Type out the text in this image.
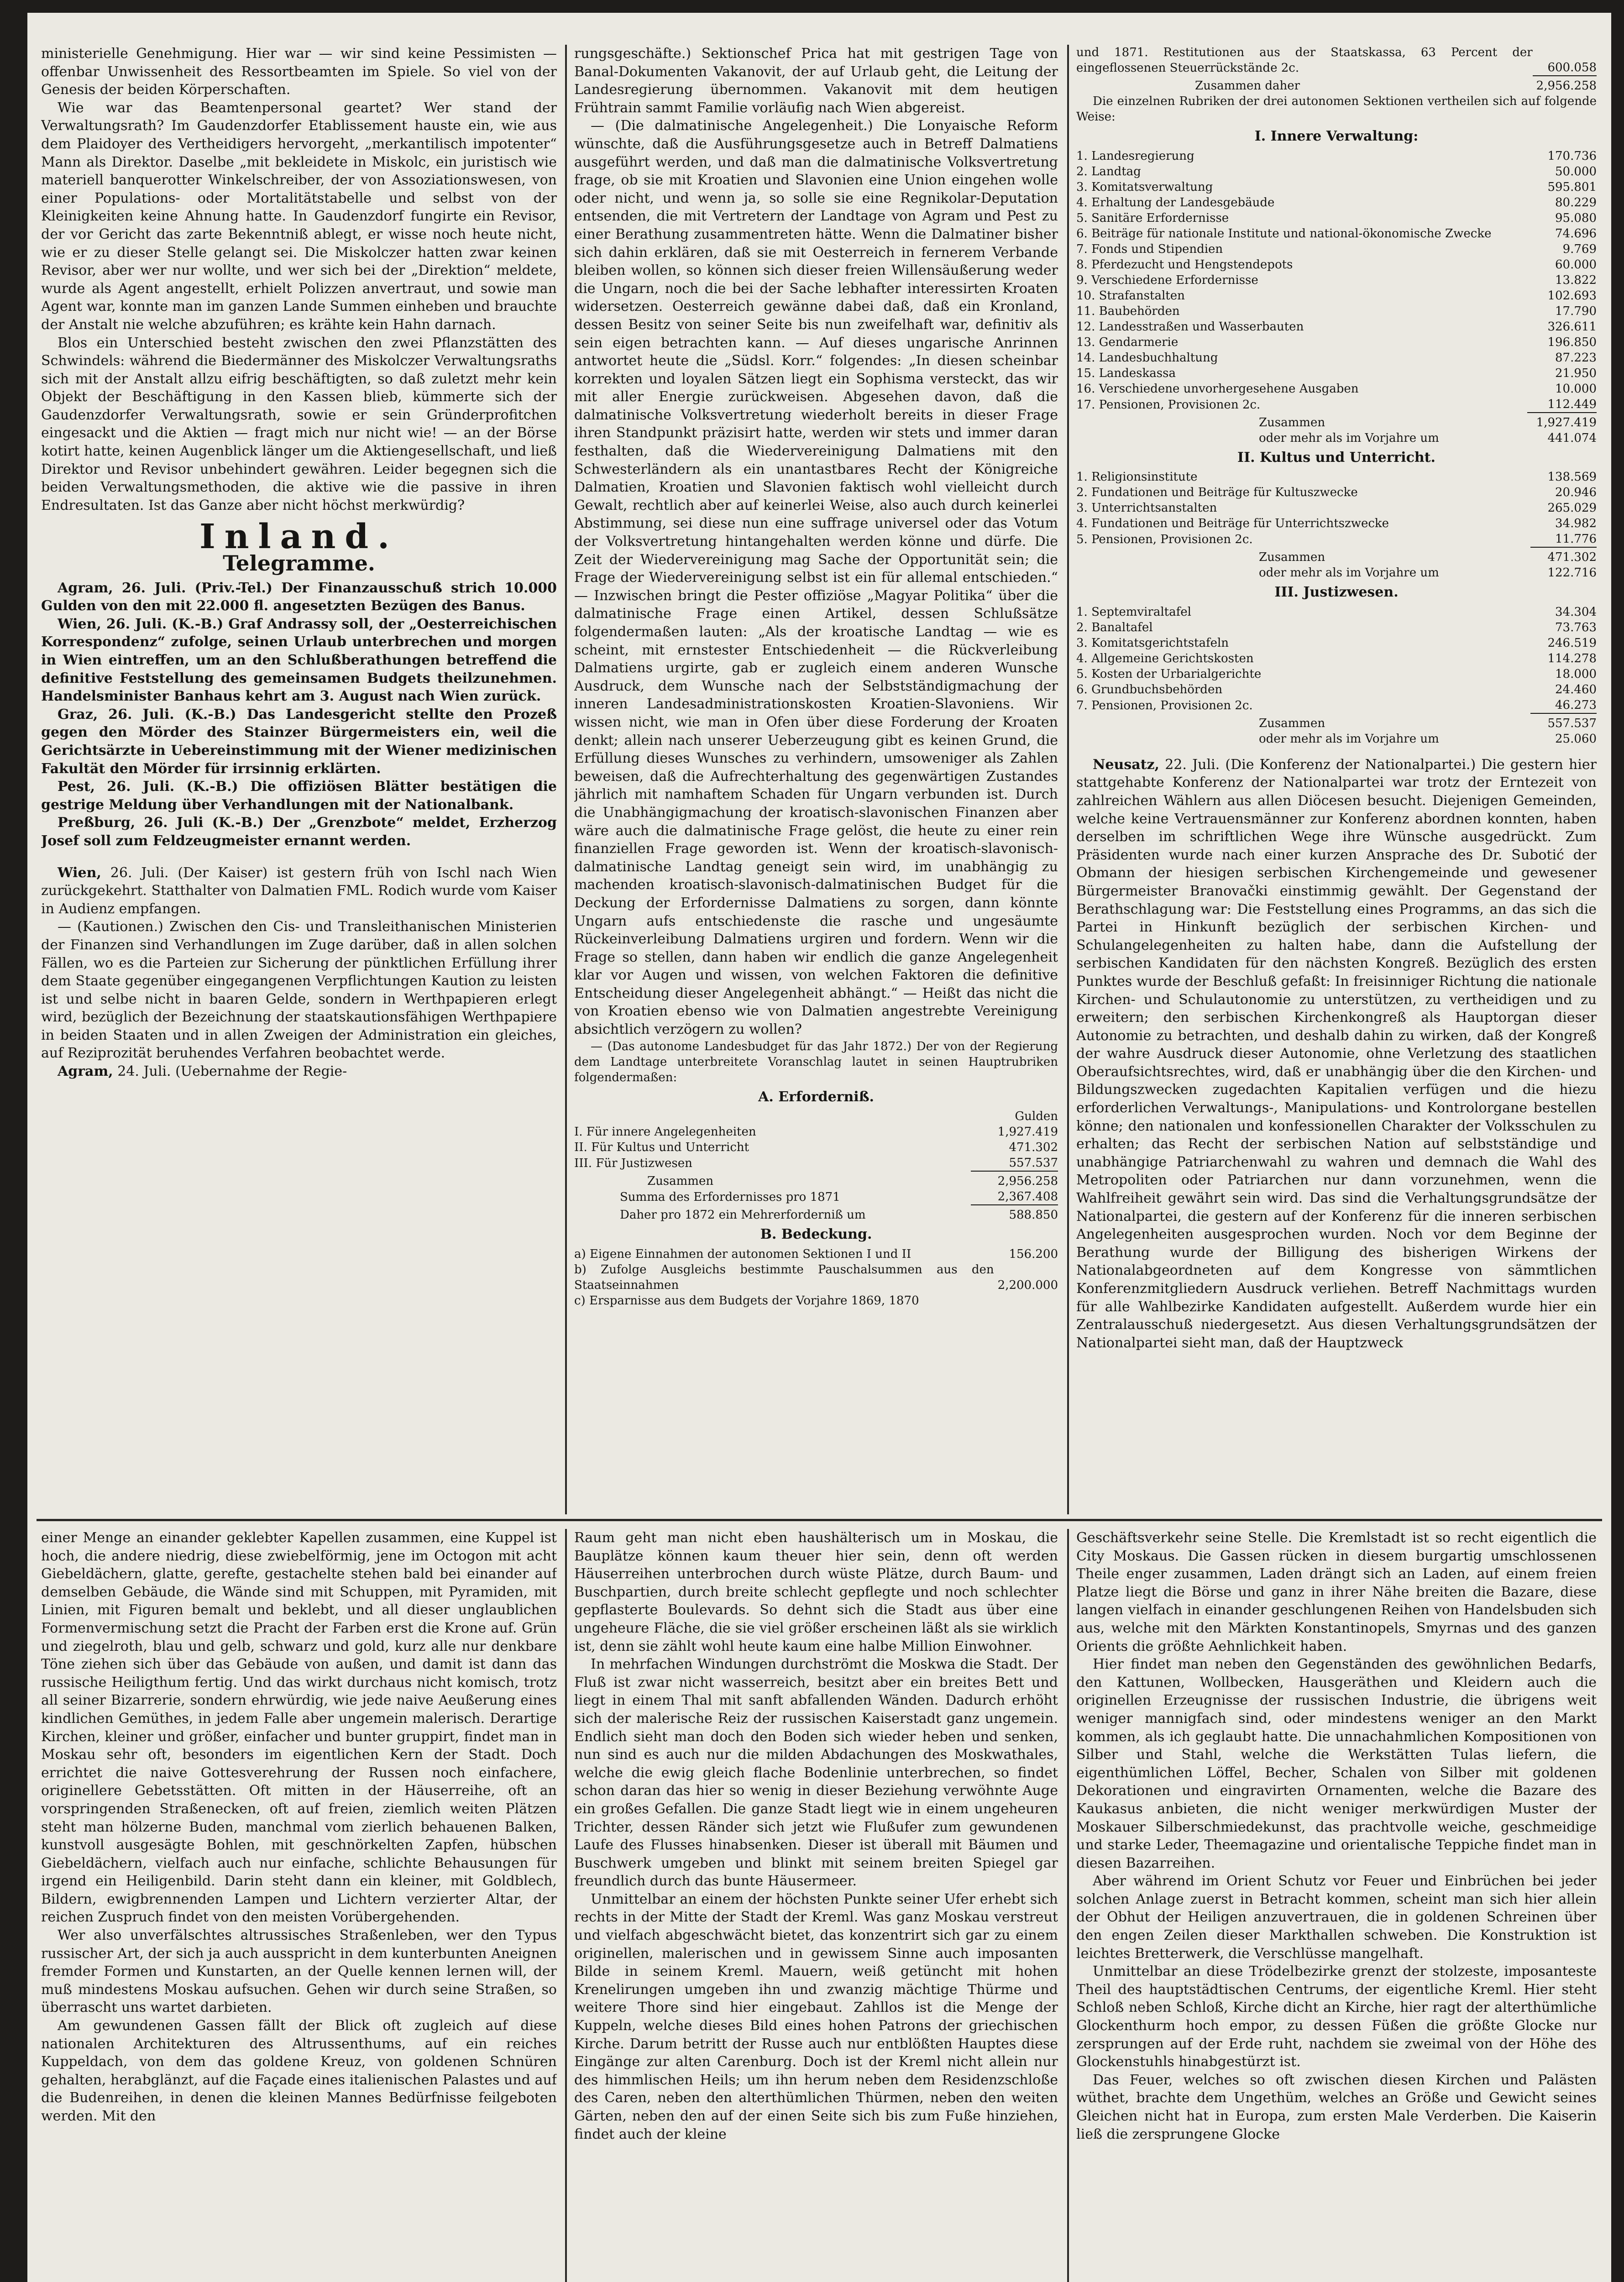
ministerielle Genehmigung. Hier war — wir sind keine Pessimisten — offenbar Unwissenheit des Ressortbeamten im Spiele. So viel von der Genesis der beiden Körperschaften.

Wie war das Beamtenpersonal geartet? Wer stand der Verwaltungsrath? Im Gaudenzdorfer Etablissement hauste ein, wie aus dem Plaidoyer des Vertheidigers hervorgeht, „merkantilisch impotenter“ Mann als Direktor. Daselbe „mit bekleidete in Miskolc, ein juristisch wie materiell banquerotter Winkelschreiber, der von Assoziationswesen, von einer Populations- oder Mortalitätstabelle und selbst von der Kleinigkeiten keine Ahnung hatte. In Gaudenzdorf fungirte ein Revisor, der vor Gericht das zarte Bekenntniß ablegt, er wisse noch heute nicht, wie er zu dieser Stelle gelangt sei. Die Miskolczer hatten zwar keinen Revisor, aber wer nur wollte, und wer sich bei der „Direktion“ meldete, wurde als Agent angestellt, erhielt Polizzen anvertraut, und sowie man Agent war, konnte man im ganzen Lande Summen einheben und brauchte der Anstalt nie welche abzuführen; es krähte kein Hahn darnach.

Blos ein Unterschied besteht zwischen den zwei Pflanzstätten des Schwindels: während die Biedermänner des Miskolczer Verwaltungsraths sich mit der Anstalt allzu eifrig beschäftigten, so daß zuletzt mehr kein Objekt der Beschäftigung in den Kassen blieb, kümmerte sich der Gaudenzdorfer Verwaltungsrath, sowie er sein Gründerprofitchen eingesackt und die Aktien — fragt mich nur nicht wie! — an der Börse kotirt hatte, keinen Augenblick länger um die Aktiengesellschaft, und ließ Direktor und Revisor unbehindert gewähren. Leider begegnen sich die beiden Verwaltungsmethoden, die aktive wie die passive in ihren Endresultaten. Ist das Ganze aber nicht höchst merkwürdig?

Inland.
Telegramme.

Agram, 26. Juli. (Priv.-Tel.) Der Finanzausschuß strich 10.000 Gulden von den mit 22.000 fl. angesetzten Bezügen des Banus.

Wien, 26. Juli. (K.-B.) Graf Andrassy soll, der „Oesterreichischen Korrespondenz“ zufolge, seinen Urlaub unterbrechen und morgen in Wien eintreffen, um an den Schlußberathungen betreffend die definitive Feststellung des gemeinsamen Budgets theilzunehmen. Handelsminister Banhaus kehrt am 3. August nach Wien zurück.

Graz, 26. Juli. (K.-B.) Das Landesgericht stellte den Prozeß gegen den Mörder des Stainzer Bürgermeisters ein, weil die Gerichtsärzte in Uebereinstimmung mit der Wiener medizinischen Fakultät den Mörder für irrsinnig erklärten.

Pest, 26. Juli. (K.-B.) Die offiziösen Blätter bestätigen die gestrige Meldung über Verhandlungen mit der Nationalbank.

Preßburg, 26. Juli (K.-B.) Der „Grenzbote“ meldet, Erzherzog Josef soll zum Feldzeugmeister ernannt werden.

Wien, 26. Juli. (Der Kaiser) ist gestern früh von Ischl nach Wien zurückgekehrt. Statthalter von Dalmatien FML. Rodich wurde vom Kaiser in Audienz empfangen.

— (Kautionen.) Zwischen den Cis- und Transleithanischen Ministerien der Finanzen sind Verhandlungen im Zuge darüber, daß in allen solchen Fällen, wo es die Parteien zur Sicherung der pünktlichen Erfüllung ihrer dem Staate gegenüber eingegangenen Verpflichtungen Kaution zu leisten ist und selbe nicht in baaren Gelde, sondern in Werthpapieren erlegt wird, bezüglich der Bezeichnung der staatskautionsfähigen Werthpapiere in beiden Staaten und in allen Zweigen der Administration ein gleiches, auf Reziprozität beruhendes Verfahren beobachtet werde.

Agram, 24. Juli. (Uebernahme der Regie-

rungsgeschäfte.) Sektionschef Prica hat mit gestrigen Tage von Banal-Dokumenten Vakanovit, der auf Urlaub geht, die Leitung der Landesregierung übernommen. Vakanovit mit dem heutigen Frühtrain sammt Familie vorläufig nach Wien abgereist.

— (Die dalmatinische Angelegenheit.) Die Lonyaische Reform wünschte, daß die Ausführungsgesetze auch in Betreff Dalmatiens ausgeführt werden, und daß man die dalmatinische Volksvertretung frage, ob sie mit Kroatien und Slavonien eine Union eingehen wolle oder nicht, und wenn ja, so solle sie eine Regnikolar-Deputation entsenden, die mit Vertretern der Landtage von Agram und Pest zu einer Berathung zusammentreten hätte. Wenn die Dalmatiner bisher sich dahin erklären, daß sie mit Oesterreich in fernerem Verbande bleiben wollen, so können sich dieser freien Willensäußerung weder die Ungarn, noch die bei der Sache lebhafter interessirten Kroaten widersetzen. Oesterreich gewänne dabei daß, daß ein Kronland, dessen Besitz von seiner Seite bis nun zweifelhaft war, definitiv als sein eigen betrachten kann. — Auf dieses ungarische Anrinnen antwortet heute die „Südsl. Korr.“ folgendes: „In diesen scheinbar korrekten und loyalen Sätzen liegt ein Sophisma versteckt, das wir mit aller Energie zurückweisen. Abgesehen davon, daß die dalmatinische Volksvertretung wiederholt bereits in dieser Frage ihren Standpunkt präzisirt hatte, werden wir stets und immer daran festhalten, daß die Wiedervereinigung Dalmatiens mit den Schwesterländern als ein unantastbares Recht der Königreiche Dalmatien, Kroatien und Slavonien faktisch wohl vielleicht durch Gewalt, rechtlich aber auf keinerlei Weise, also auch durch keinerlei Abstimmung, sei diese nun eine suffrage universel oder das Votum der Volksvertretung hintangehalten werden könne und dürfe. Die Zeit der Wiedervereinigung mag Sache der Opportunität sein; die Frage der Wiedervereinigung selbst ist ein für allemal entschieden.“ — Inzwischen bringt die Pester offiziöse „Magyar Politika“ über die dalmatinische Frage einen Artikel, dessen Schlußsätze folgendermaßen lauten: „Als der kroatische Landtag — wie es scheint, mit ernstester Entschiedenheit — die Rückverleibung Dalmatiens urgirte, gab er zugleich einem anderen Wunsche Ausdruck, dem Wunsche nach der Selbstständigmachung der inneren Landesadministrationskosten Kroatien-Slavoniens. Wir wissen nicht, wie man in Ofen über diese Forderung der Kroaten denkt; allein nach unserer Ueberzeugung gibt es keinen Grund, die Erfüllung dieses Wunsches zu verhindern, umsoweniger als Zahlen beweisen, daß die Aufrechterhaltung des gegenwärtigen Zustandes jährlich mit namhaftem Schaden für Ungarn verbunden ist. Durch die Unabhängigmachung der kroatisch-slavonischen Finanzen aber wäre auch die dalmatinische Frage gelöst, die heute zu einer rein finanziellen Frage geworden ist. Wenn der kroatisch-slavonisch-dalmatinische Landtag geneigt sein wird, im unabhängig zu machenden kroatisch-slavonisch-dalmatinischen Budget für die Deckung der Erfordernisse Dalmatiens zu sorgen, dann könnte Ungarn aufs entschiedenste die rasche und ungesäumte Rückeinverleibung Dalmatiens urgiren und fordern. Wenn wir die Frage so stellen, dann haben wir endlich die ganze Angelegenheit klar vor Augen und wissen, von welchen Faktoren die definitive Entscheidung dieser Angelegenheit abhängt.“ — Heißt das nicht die von Kroatien ebenso wie von Dalmatien angestrebte Vereinigung absichtlich verzögern zu wollen?

— (Das autonome Landesbudget für das Jahr 1872.) Der von der Regierung dem Landtage unterbreitete Voranschlag lautet in seinen Hauptrubriken folgendermaßen:

A. Erforderniß.
	Gulden
I. Für innere Angelegenheiten	1,927.419
II. Für Kultus und Unterricht	471.302
III. Für Justizwesen	557.537
Zusammen	2,956.258
Summa des Erfordernisses pro 1871	2,367.408
Daher pro 1872 ein Mehrerforderniß um	588.850
B. Bedeckung.
a) Eigene Einnahmen der autonomen Sektionen I und II	156.200
b) Zufolge Ausgleichs bestimmte Pauschalsummen aus den Staatseinnahmen	2,200.000
c) Ersparnisse aus dem Budgets der Vorjahre 1869, 1870	
und 1871. Restitutionen aus der Staatskassa, 63 Percent der eingeflossenen Steuerrückstände 2c.	600.058
Zusammen daher	2,956.258

Die einzelnen Rubriken der drei autonomen Sektionen vertheilen sich auf folgende Weise:

I. Innere Verwaltung:
1. Landesregierung	170.736
2. Landtag	50.000
3. Komitatsverwaltung	595.801
4. Erhaltung der Landesgebäude	80.229
5. Sanitäre Erfordernisse	95.080
6. Beiträge für nationale Institute und national-ökonomische Zwecke	74.696
7. Fonds und Stipendien	9.769
8. Pferdezucht und Hengstendepots	60.000
9. Verschiedene Erfordernisse	13.822
10. Strafanstalten	102.693
11. Baubehörden	17.790
12. Landesstraßen und Wasserbauten	326.611
13. Gendarmerie	196.850
14. Landesbuchhaltung	87.223
15. Landeskassa	21.950
16. Verschiedene unvorhergesehene Ausgaben	10.000
17. Pensionen, Provisionen 2c.	112.449
Zusammen	1,927.419
oder mehr als im Vorjahre um	441.074
II. Kultus und Unterricht.
1. Religionsinstitute	138.569
2. Fundationen und Beiträge für Kultuszwecke	20.946
3. Unterrichtsanstalten	265.029
4. Fundationen und Beiträge für Unterrichtszwecke	34.982
5. Pensionen, Provisionen 2c.	11.776
Zusammen	471.302
oder mehr als im Vorjahre um	122.716
III. Justizwesen.
1. Septemviraltafel	34.304
2. Banaltafel	73.763
3. Komitatsgerichtstafeln	246.519
4. Allgemeine Gerichtskosten	114.278
5. Kosten der Urbarialgerichte	18.000
6. Grundbuchsbehörden	24.460
7. Pensionen, Provisionen 2c.	46.273
Zusammen	557.537
oder mehr als im Vorjahre um	25.060

Neusatz, 22. Juli. (Die Konferenz der Nationalpartei.) Die gestern hier stattgehabte Konferenz der Nationalpartei war trotz der Erntezeit von zahlreichen Wählern aus allen Diöcesen besucht. Diejenigen Gemeinden, welche keine Vertrauensmänner zur Konferenz abordnen konnten, haben derselben im schriftlichen Wege ihre Wünsche ausgedrückt. Zum Präsidenten wurde nach einer kurzen Ansprache des Dr. Subotić der Obmann der hiesigen serbischen Kirchengemeinde und gewesener Bürgermeister Branovački einstimmig gewählt. Der Gegenstand der Berathschlagung war: Die Feststellung eines Programms, an das sich die Partei in Hinkunft bezüglich der serbischen Kirchen- und Schulangelegenheiten zu halten habe, dann die Aufstellung der serbischen Kandidaten für den nächsten Kongreß. Bezüglich des ersten Punktes wurde der Beschluß gefaßt: In freisinniger Richtung die nationale Kirchen- und Schulautonomie zu unterstützen, zu vertheidigen und zu erweitern; den serbischen Kirchenkongreß als Hauptorgan dieser Autonomie zu betrachten, und deshalb dahin zu wirken, daß der Kongreß der wahre Ausdruck dieser Autonomie, ohne Verletzung des staatlichen Oberaufsichtsrechtes, wird, daß er unabhängig über die den Kirchen- und Bildungszwecken zugedachten Kapitalien verfügen und die hiezu erforderlichen Verwaltungs-, Manipulations- und Kontrolorgane bestellen könne; den nationalen und konfessionellen Charakter der Volksschulen zu erhalten; das Recht der serbischen Nation auf selbstständige und unabhängige Patriarchenwahl zu wahren und demnach die Wahl des Metropoliten oder Patriarchen nur dann vorzunehmen, wenn die Wahlfreiheit gewährt sein wird. Das sind die Verhaltungsgrundsätze der Nationalpartei, die gestern auf der Konferenz für die inneren serbischen Angelegenheiten ausgesprochen wurden. Noch vor dem Beginne der Berathung wurde der Billigung des bisherigen Wirkens der Nationalabgeordneten auf dem Kongresse von sämmtlichen Konferenzmitgliedern Ausdruck verliehen. Betreff Nachmittags wurden für alle Wahlbezirke Kandidaten aufgestellt. Außerdem wurde hier ein Zentralausschuß niedergesetzt. Aus diesen Verhaltungsgrundsätzen der Nationalpartei sieht man, daß der Hauptzweck

einer Menge an einander geklebter Kapellen zusammen, eine Kuppel ist hoch, die andere niedrig, diese zwiebelförmig, jene im Octogon mit acht Giebeldächern, glatte, gerefte, gestachelte stehen bald bei einander auf demselben Gebäude, die Wände sind mit Schuppen, mit Pyramiden, mit Linien, mit Figuren bemalt und beklebt, und all dieser unglaublichen Formenvermischung setzt die Pracht der Farben erst die Krone auf. Grün und ziegelroth, blau und gelb, schwarz und gold, kurz alle nur denkbare Töne ziehen sich über das Gebäude von außen, und damit ist dann das russische Heiligthum fertig. Und das wirkt durchaus nicht komisch, trotz all seiner Bizarrerie, sondern ehrwürdig, wie jede naive Aeußerung eines kindlichen Gemüthes, in jedem Falle aber ungemein malerisch. Derartige Kirchen, kleiner und größer, einfacher und bunter gruppirt, findet man in Moskau sehr oft, besonders im eigentlichen Kern der Stadt. Doch errichtet die naive Gottesverehrung der Russen noch einfachere, originellere Gebetsstätten. Oft mitten in der Häuserreihe, oft an vorspringenden Straßenecken, oft auf freien, ziemlich weiten Plätzen steht man hölzerne Buden, manchmal vom zierlich behauenen Balken, kunstvoll ausgesägte Bohlen, mit geschnörkelten Zapfen, hübschen Giebeldächern, vielfach auch nur einfache, schlichte Behausungen für irgend ein Heiligenbild. Darin steht dann ein kleiner, mit Goldblech, Bildern, ewigbrennenden Lampen und Lichtern verzierter Altar, der reichen Zuspruch findet von den meisten Vorübergehenden.

Wer also unverfälschtes altrussisches Straßenleben, wer den Typus russischer Art, der sich ja auch ausspricht in dem kunterbunten Aneignen fremder Formen und Kunstarten, an der Quelle kennen lernen will, der muß mindestens Moskau aufsuchen. Gehen wir durch seine Straßen, so überrascht uns wartet darbieten.

Am gewundenen Gassen fällt der Blick oft zugleich auf diese nationalen Architekturen des Altrussenthums, auf ein reiches Kuppeldach, von dem das goldene Kreuz, von goldenen Schnüren gehalten, herabglänzt, auf die Façade eines italienischen Palastes und auf die Budenreihen, in denen die kleinen Mannes Bedürfnisse feilgeboten werden. Mit den

Raum geht man nicht eben haushälterisch um in Moskau, die Bauplätze können kaum theuer hier sein, denn oft werden Häuserreihen unterbrochen durch wüste Plätze, durch Baum- und Buschpartien, durch breite schlecht gepflegte und noch schlechter gepflasterte Boulevards. So dehnt sich die Stadt aus über eine ungeheure Fläche, die sie viel größer erscheinen läßt als sie wirklich ist, denn sie zählt wohl heute kaum eine halbe Million Einwohner.

In mehrfachen Windungen durchströmt die Moskwa die Stadt. Der Fluß ist zwar nicht wasserreich, besitzt aber ein breites Bett und liegt in einem Thal mit sanft abfallenden Wänden. Dadurch erhöht sich der malerische Reiz der russischen Kaiserstadt ganz ungemein. Endlich sieht man doch den Boden sich wieder heben und senken, nun sind es auch nur die milden Abdachungen des Moskwathales, welche die ewig gleich flache Bodenlinie unterbrechen, so findet schon daran das hier so wenig in dieser Beziehung verwöhnte Auge ein großes Gefallen. Die ganze Stadt liegt wie in einem ungeheuren Trichter, dessen Ränder sich jetzt wie Flußufer zum gewundenen Laufe des Flusses hinabsenken. Dieser ist überall mit Bäumen und Buschwerk umgeben und blinkt mit seinem breiten Spiegel gar freundlich durch das bunte Häusermeer.

Unmittelbar an einem der höchsten Punkte seiner Ufer erhebt sich rechts in der Mitte der Stadt der Kreml. Was ganz Moskau verstreut und vielfach abgeschwächt bietet, das konzentrirt sich gar zu einem originellen, malerischen und in gewissem Sinne auch imposanten Bilde in seinem Kreml. Mauern, weiß getüncht mit hohen Krenelirungen umgeben ihn und zwanzig mächtige Thürme und weitere Thore sind hier eingebaut. Zahllos ist die Menge der Kuppeln, welche dieses Bild eines hohen Patrons der griechischen Kirche. Darum betritt der Russe auch nur entblößten Hauptes diese Eingänge zur alten Carenburg. Doch ist der Kreml nicht allein nur des himmlischen Heils; um ihn herum neben dem Residenzschloße des Caren, neben den alterthümlichen Thürmen, neben den weiten Gärten, neben den auf der einen Seite sich bis zum Fuße hinziehen, findet auch der kleine

Geschäftsverkehr seine Stelle. Die Kremlstadt ist so recht eigentlich die City Moskaus. Die Gassen rücken in diesem burgartig umschlossenen Theile enger zusammen, Laden drängt sich an Laden, auf einem freien Platze liegt die Börse und ganz in ihrer Nähe breiten die Bazare, diese langen vielfach in einander geschlungenen Reihen von Handelsbuden sich aus, welche mit den Märkten Konstantinopels, Smyrnas und des ganzen Orients die größte Aehnlichkeit haben.

Hier findet man neben den Gegenständen des gewöhnlichen Bedarfs, den Kattunen, Wollbecken, Hausgeräthen und Kleidern auch die originellen Erzeugnisse der russischen Industrie, die übrigens weit weniger mannigfach sind, oder mindestens weniger an den Markt kommen, als ich geglaubt hatte. Die unnachahmlichen Kompositionen von Silber und Stahl, welche die Werkstätten Tulas liefern, die eigenthümlichen Löffel, Becher, Schalen von Silber mit goldenen Dekorationen und eingravirten Ornamenten, welche die Bazare des Kaukasus anbieten, die nicht weniger merkwürdigen Muster der Moskauer Silberschmiedekunst, das prachtvolle weiche, geschmeidige und starke Leder, Theemagazine und orientalische Teppiche findet man in diesen Bazarreihen.

Aber während im Orient Schutz vor Feuer und Einbrüchen bei jeder solchen Anlage zuerst in Betracht kommen, scheint man sich hier allein der Obhut der Heiligen anzuvertrauen, die in goldenen Schreinen über den engen Zeilen dieser Markthallen schweben. Die Konstruktion ist leichtes Bretterwerk, die Verschlüsse mangelhaft.

Unmittelbar an diese Trödelbezirke grenzt der stolzeste, imposanteste Theil des hauptstädtischen Centrums, der eigentliche Kreml. Hier steht Schloß neben Schloß, Kirche dicht an Kirche, hier ragt der alterthümliche Glockenthurm hoch empor, zu dessen Füßen die größte Glocke nur zersprungen auf der Erde ruht, nachdem sie zweimal von der Höhe des Glockenstuhls hinabgestürzt ist.

Das Feuer, welches so oft zwischen diesen Kirchen und Palästen wüthet, brachte dem Ungethüm, welches an Größe und Gewicht seines Gleichen nicht hat in Europa, zum ersten Male Verderben. Die Kaiserin ließ die zersprungene Glocke
